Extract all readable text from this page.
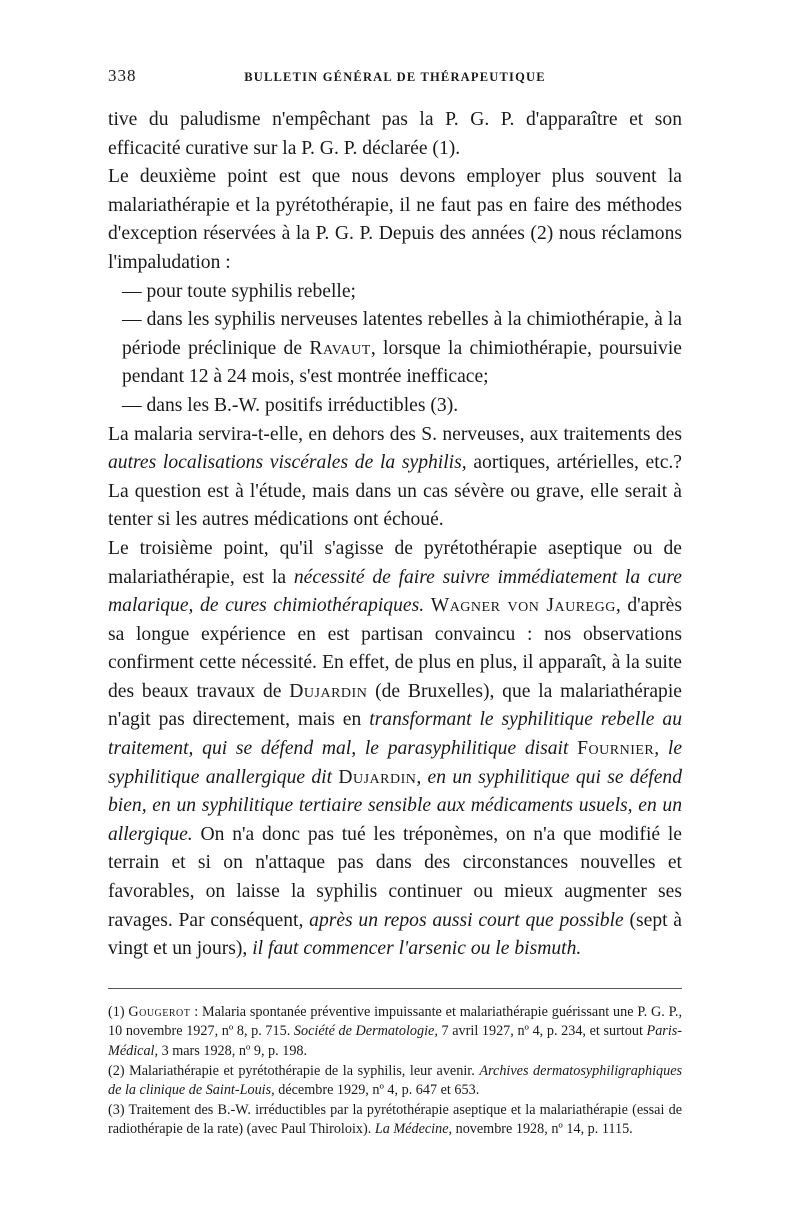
338	BULLETIN GÉNÉRAL DE THÉRAPEUTIQUE

tive du paludisme n'empêchant pas la P. G. P. d'apparaître et son efficacité curative sur la P. G. P. déclarée (1).

Le deuxième point est que nous devons employer plus souvent la malariathérapie et la pyrétothérapie, il ne faut pas en faire des méthodes d'exception réservées à la P. G. P. Depuis des années (2) nous réclamons l'impaludation :

— pour toute syphilis rebelle;

— dans les syphilis nerveuses latentes rebelles à la chimiothérapie, à la période préclinique de Ravaut, lorsque la chimiothérapie, poursuivie pendant 12 à 24 mois, s'est montrée inefficace;

— dans les B.-W. positifs irréductibles (3).

La malaria servira-t-elle, en dehors des S. nerveuses, aux traitements des autres localisations viscérales de la syphilis, aortiques, artérielles, etc.? La question est à l'étude, mais dans un cas sévère ou grave, elle serait à tenter si les autres médications ont échoué.

Le troisième point, qu'il s'agisse de pyrétothérapie aseptique ou de malariathérapie, est la nécessité de faire suivre immédiatement la cure malarique, de cures chimiothérapiques. Wagner von Jauregg, d'après sa longue expérience en est partisan convaincu : nos observations confirment cette nécessité. En effet, de plus en plus, il apparaît, à la suite des beaux travaux de Dujardin (de Bruxelles), que la malariathérapie n'agit pas directement, mais en transformant le syphilitique rebelle au traitement, qui se défend mal, le parasyphilitique disait Fournier, le syphilitique anallergique dit Dujardin, en un syphilitique qui se défend bien, en un syphilitique tertiaire sensible aux médicaments usuels, en un allergique. On n'a donc pas tué les tréponèmes, on n'a que modifié le terrain et si on n'attaque pas dans des circonstances nouvelles et favorables, on laisse la syphilis continuer ou mieux augmenter ses ravages. Par conséquent, après un repos aussi court que possible (sept à vingt et un jours), il faut commencer l'arsenic ou le bismuth.

(1) Gougerot : Malaria spontanée préventive impuissante et malariathérapie guérissant une P. G. P., 10 novembre 1927, nº 8, p. 715. Société de Dermatologie, 7 avril 1927, nº 4, p. 234, et surtout Paris-Médical, 3 mars 1928, nº 9, p. 198.

(2) Malariathérapie et pyrétothérapie de la syphilis, leur avenir. Archives dermatosyphiligraphiques de la clinique de Saint-Louis, décembre 1929, nº 4, p. 647 et 653.

(3) Traitement des B.-W. irréductibles par la pyrétothérapie aseptique et la malariathérapie (essai de radiothérapie de la rate) (avec Paul Thiroloix). La Médecine, novembre 1928, nº 14, p. 1115.
